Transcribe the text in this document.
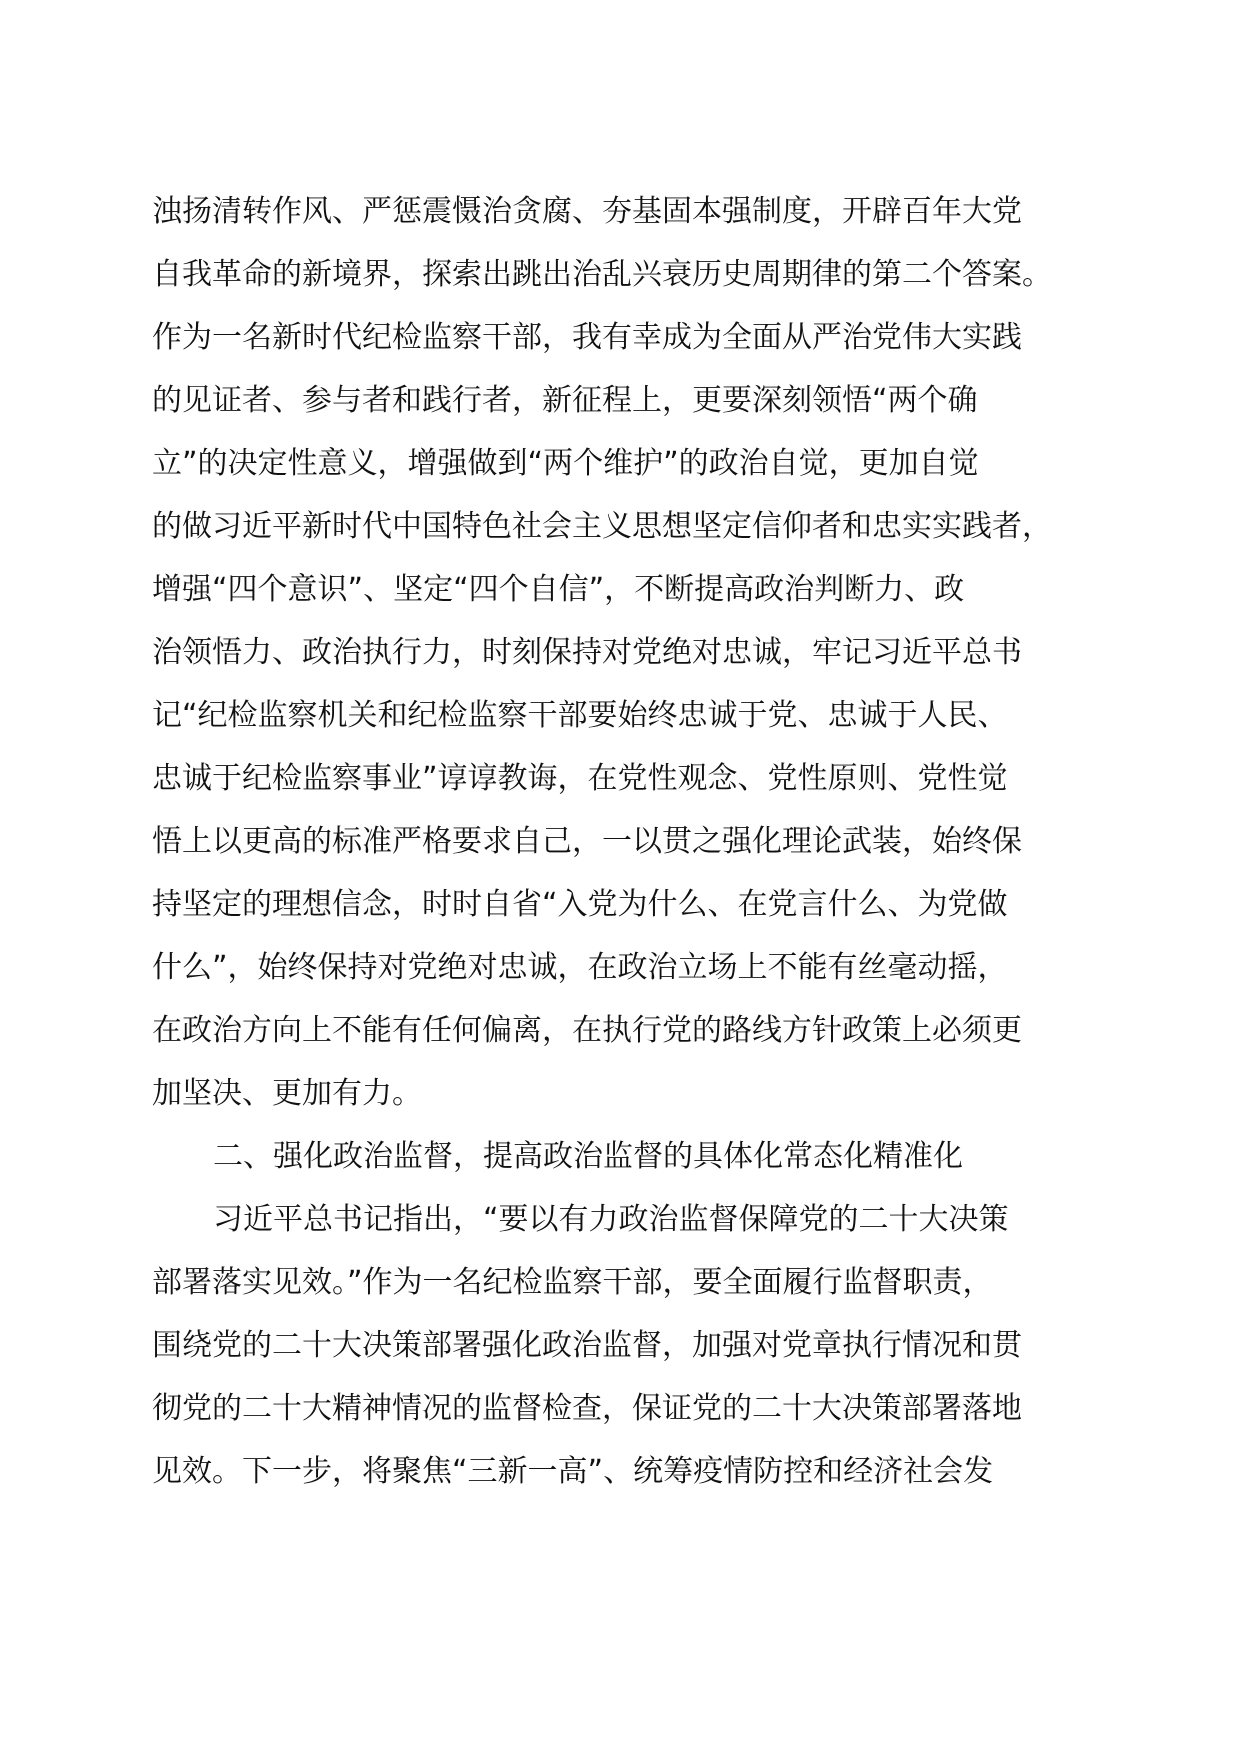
浊扬清转作风、严惩震慑治贪腐、夯基固本强制度，开辟百年大党
自我革命的新境界，探索出跳出治乱兴衰历史周期律的第二个答案。
作为一名新时代纪检监察干部，我有幸成为全面从严治党伟大实践
的见证者、参与者和践行者，新征程上，更要深刻领悟“两个确
立”的决定性意义，增强做到“两个维护”的政治自觉，更加自觉
的做习近平新时代中国特色社会主义思想坚定信仰者和忠实实践者，
增强“四个意识”、坚定“四个自信”，不断提高政治判断力、政
治领悟力、政治执行力，时刻保持对党绝对忠诚，牢记习近平总书
记“纪检监察机关和纪检监察干部要始终忠诚于党、忠诚于人民、
忠诚于纪检监察事业”谆谆教诲，在党性观念、党性原则、党性觉
悟上以更高的标准严格要求自己，一以贯之强化理论武装，始终保
持坚定的理想信念，时时自省“入党为什么、在党言什么、为党做
什么”，始终保持对党绝对忠诚，在政治立场上不能有丝毫动摇，
在政治方向上不能有任何偏离，在执行党的路线方针政策上必须更
加坚决、更加有力。
二、强化政治监督，提高政治监督的具体化常态化精准化
习近平总书记指出，“要以有力政治监督保障党的二十大决策
部署落实见效。”作为一名纪检监察干部，要全面履行监督职责，
围绕党的二十大决策部署强化政治监督，加强对党章执行情况和贯
彻党的二十大精神情况的监督检查，保证党的二十大决策部署落地
见效。下一步，将聚焦“三新一高”、统筹疫情防控和经济社会发
